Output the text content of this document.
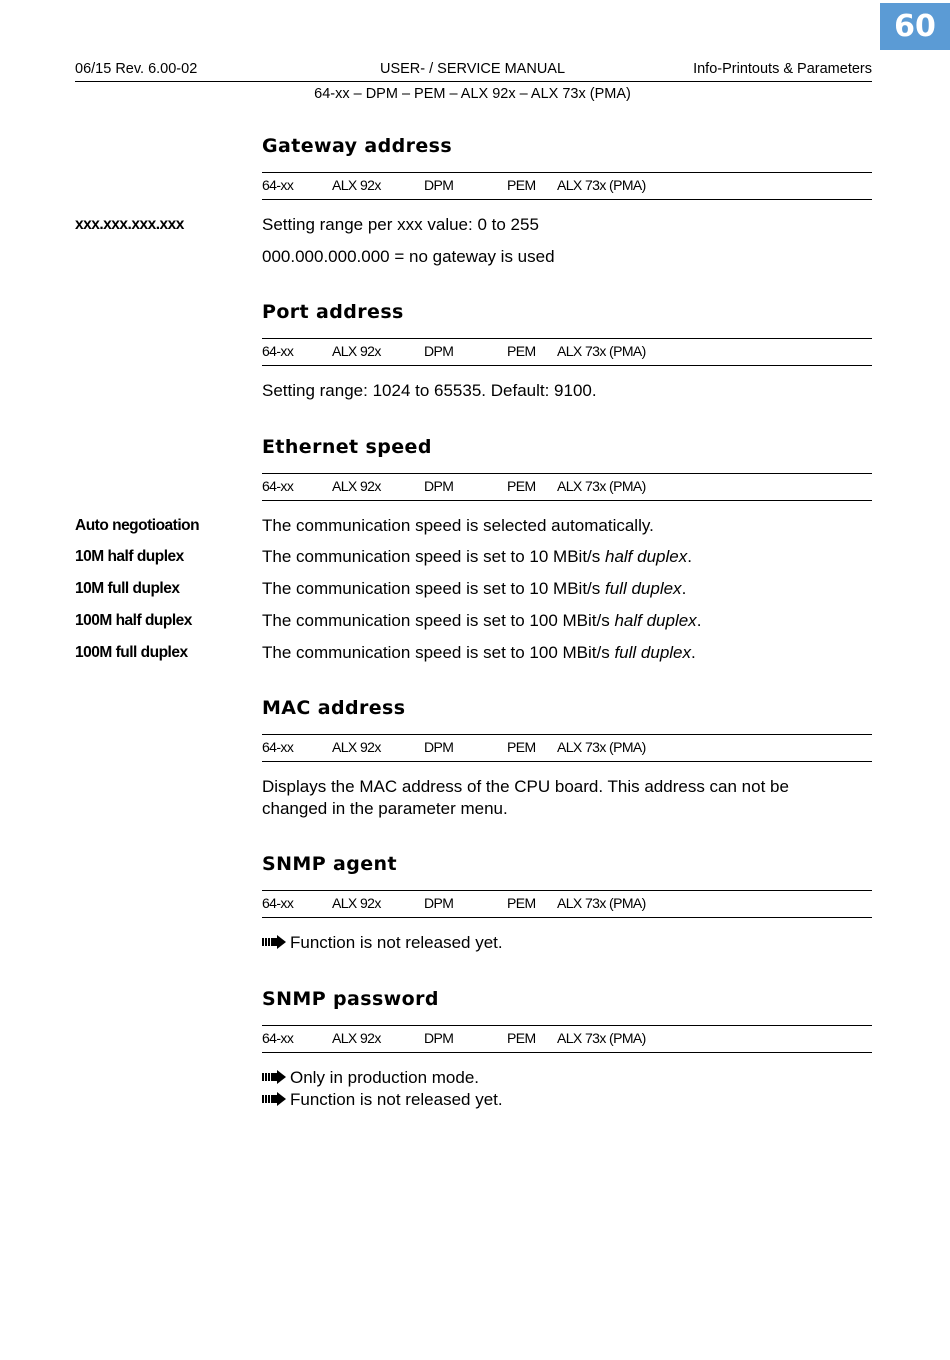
60
06/15 Rev. 6.00-02	USER- / SERVICE MANUAL	Info-Printouts & Parameters
64-xx – DPM – PEM – ALX 92x – ALX 73x (PMA)
Gateway address
64-xx	ALX 92x	DPM	PEM ALX 73x (PMA)
xxx.xxx.xxx.xxx	Setting range per xxx value: 0 to 255
000.000.000.000 = no gateway is used
Port address
64-xx	ALX 92x	DPM	PEM ALX 73x (PMA)
Setting range: 1024 to 65535. Default: 9100.
Ethernet speed
64-xx	ALX 92x	DPM	PEM ALX 73x (PMA)
Auto negotioation	The communication speed is selected automatically.
10M half duplex	The communication speed is set to 10 MBit/s half duplex.
10M full duplex	The communication speed is set to 10 MBit/s full duplex.
100M half duplex	The communication speed is set to 100 MBit/s half duplex.
100M full duplex	The communication speed is set to 100 MBit/s full duplex.
MAC address
64-xx	ALX 92x	DPM	PEM ALX 73x (PMA)
Displays the MAC address of the CPU board. This address can not be
changed in the parameter menu.
SNMP agent
64-xx	ALX 92x	DPM	PEM ALX 73x (PMA)
Function is not released yet.
SNMP password
64-xx	ALX 92x	DPM	PEM ALX 73x (PMA)
Only in production mode.
Function is not released yet.
